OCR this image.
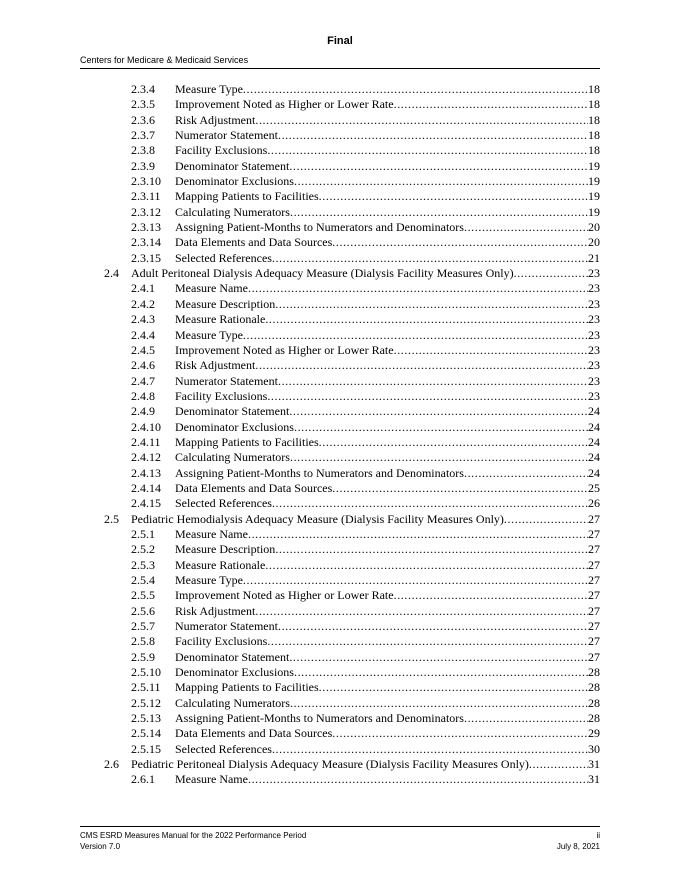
Final
Centers for Medicare & Medicaid Services
2.3.4 Measure Type .....	18
2.3.5 Improvement Noted as Higher or Lower Rate .....	18
2.3.6 Risk Adjustment .....	18
2.3.7 Numerator Statement .....	18
2.3.8 Facility Exclusions .....	18
2.3.9 Denominator Statement .....	19
2.3.10 Denominator Exclusions .....	19
2.3.11 Mapping Patients to Facilities .....	19
2.3.12 Calculating Numerators .....	19
2.3.13 Assigning Patient-Months to Numerators and Denominators .....	20
2.3.14 Data Elements and Data Sources .....	20
2.3.15 Selected References .....	21
2.4 Adult Peritoneal Dialysis Adequacy Measure (Dialysis Facility Measures Only) .....	23
2.4.1 Measure Name .....	23
2.4.2 Measure Description .....	23
2.4.3 Measure Rationale .....	23
2.4.4 Measure Type .....	23
2.4.5 Improvement Noted as Higher or Lower Rate .....	23
2.4.6 Risk Adjustment .....	23
2.4.7 Numerator Statement .....	23
2.4.8 Facility Exclusions .....	23
2.4.9 Denominator Statement .....	24
2.4.10 Denominator Exclusions .....	24
2.4.11 Mapping Patients to Facilities .....	24
2.4.12 Calculating Numerators .....	24
2.4.13 Assigning Patient-Months to Numerators and Denominators .....	24
2.4.14 Data Elements and Data Sources .....	25
2.4.15 Selected References .....	26
2.5 Pediatric Hemodialysis Adequacy Measure (Dialysis Facility Measures Only) .....	27
2.5.1 Measure Name .....	27
2.5.2 Measure Description .....	27
2.5.3 Measure Rationale .....	27
2.5.4 Measure Type .....	27
2.5.5 Improvement Noted as Higher or Lower Rate .....	27
2.5.6 Risk Adjustment .....	27
2.5.7 Numerator Statement .....	27
2.5.8 Facility Exclusions .....	27
2.5.9 Denominator Statement .....	27
2.5.10 Denominator Exclusions .....	28
2.5.11 Mapping Patients to Facilities .....	28
2.5.12 Calculating Numerators .....	28
2.5.13 Assigning Patient-Months to Numerators and Denominators .....	28
2.5.14 Data Elements and Data Sources .....	29
2.5.15 Selected References .....	30
2.6 Pediatric Peritoneal Dialysis Adequacy Measure (Dialysis Facility Measures Only) .....	31
2.6.1 Measure Name .....	31
CMS ESRD Measures Manual for the 2022 Performance Period
Version 7.0
ii
July 8, 2021
